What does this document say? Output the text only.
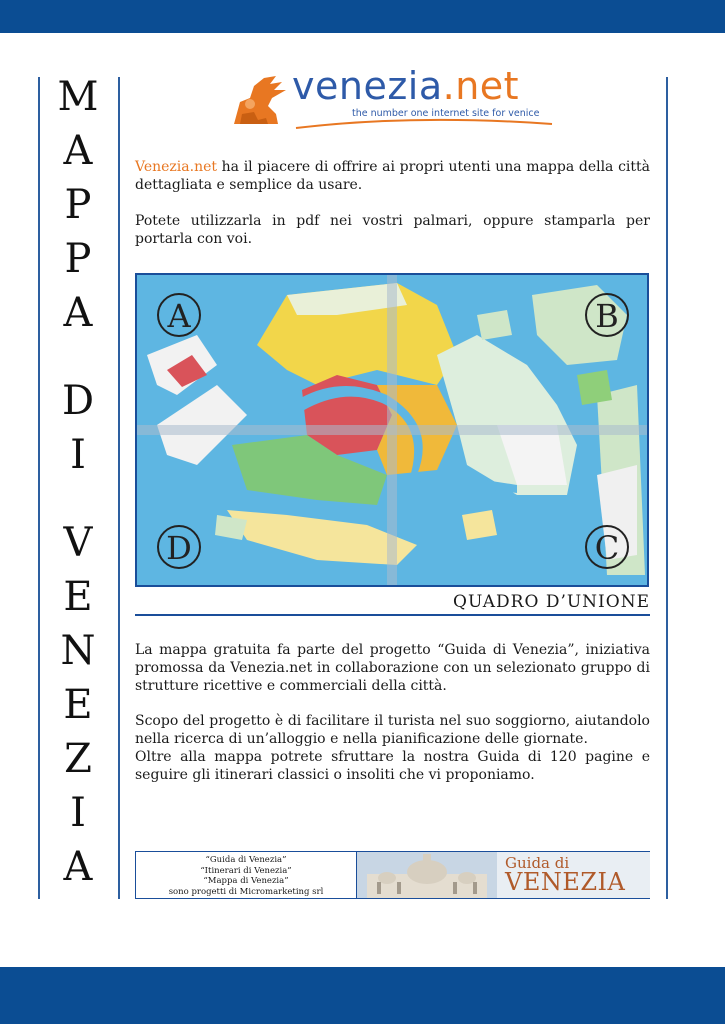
M
A
P
P
A
D
I
V
E
N
E
Z
I
A
venezia.net
the number one internet site for venice
Venezia.net ha il piacere di offrire ai propri utenti una mappa della città dettagliata e semplice da usare.
Potete utilizzarla in pdf nei vostri palmari, oppure stamparla per portarla con voi.
A	B
C
D
QUADRO D’UNIONE
La mappa gratuita fa parte del progetto “Guida di Venezia”, iniziativa promossa da Venezia.net in collaborazione con un selezionato gruppo di strutture ricettive e commerciali della città.
Scopo del progetto è di facilitare il turista nel suo soggiorno, aiutandolo nella ricerca di un’alloggio e nella pianificazione delle giornate.
Oltre alla mappa potrete sfruttare la nostra Guida di 120 pagine e seguire gli itinerari classici o insoliti che vi proponiamo.
“Guida di Venezia”
“Itinerari di Venezia”
“Mappa di Venezia”
sono progetti di Micromarketing srl
Guida di
VENEZIA
